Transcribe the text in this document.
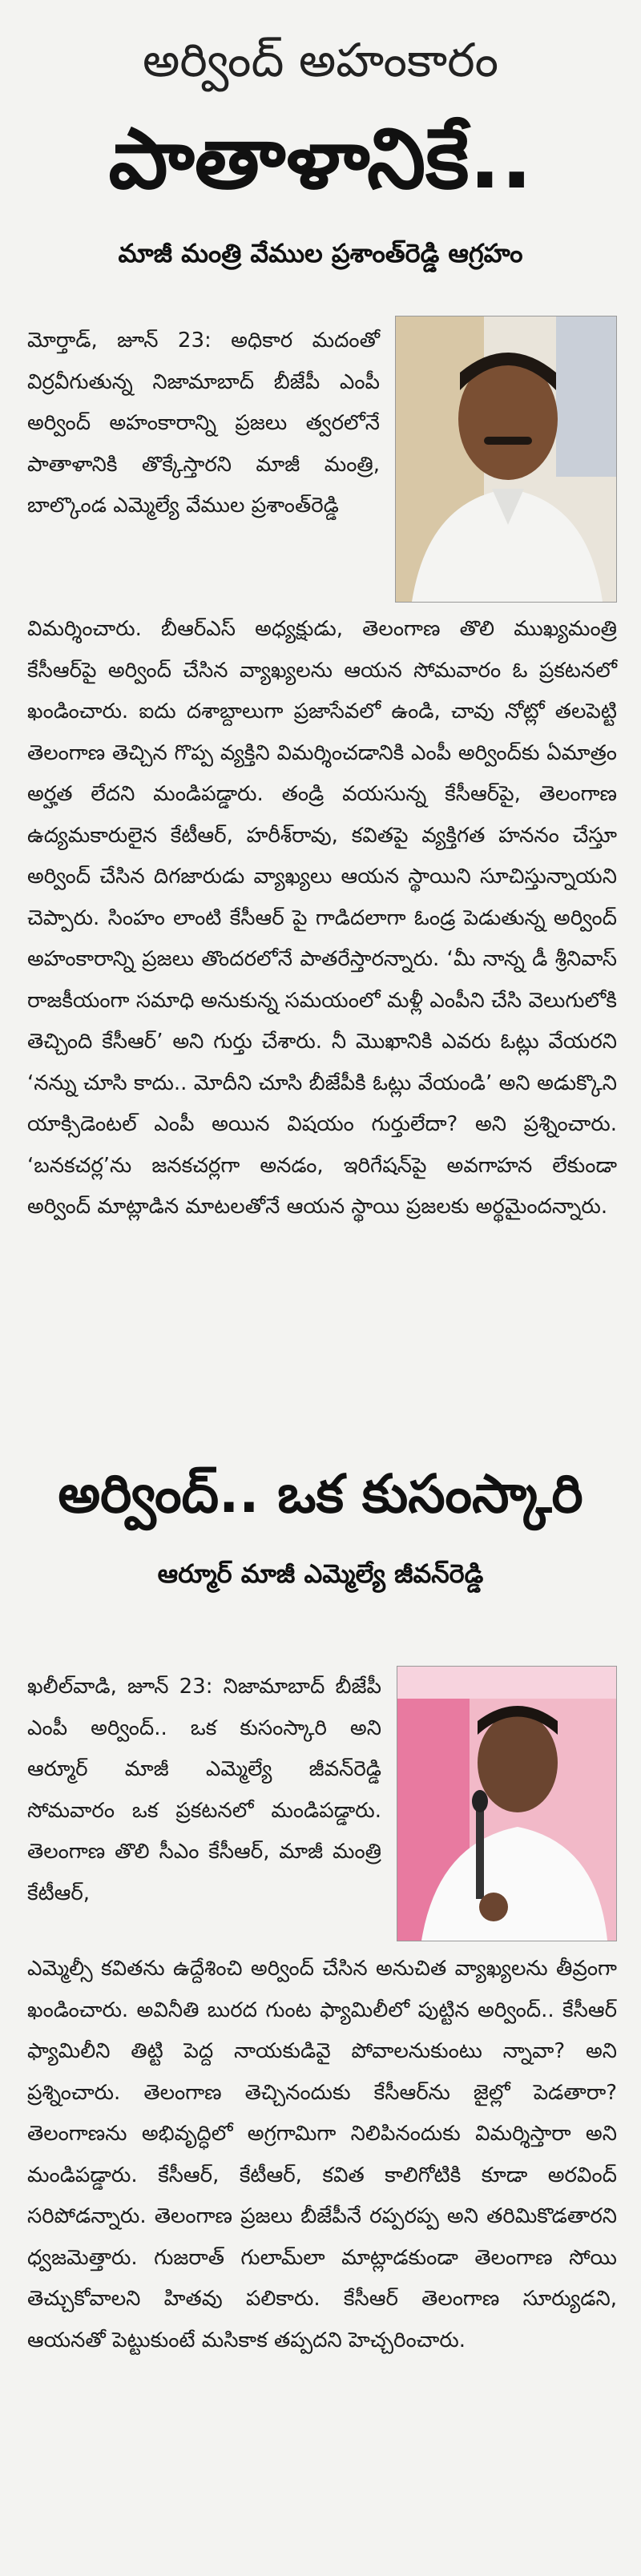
అర్వింద్ అహంకారం
పాతాళానికే..
మాజీ మంత్రి వేముల ప్రశాంత్‌రెడ్డి ఆగ్రహం

మోర్తాడ్, జూన్ 23: అధికార మదంతో విర్రవీగుతున్న నిజామాబాద్ బీజేపీ ఎంపీ అర్వింద్ అహంకారాన్ని ప్రజలు త్వరలోనే పాతాళానికి తొక్కేస్తారని మాజీ మంత్రి, బాల్కొండ ఎమ్మెల్యే వేముల ప్రశాంత్‌రెడ్డి

విమర్శించారు. బీఆర్‌ఎస్ అధ్యక్షుడు, తెలంగాణ తొలి ముఖ్యమంత్రి కేసీఆర్‌పై అర్వింద్ చేసిన వ్యాఖ్యలను ఆయన సోమవారం ఓ ప్రకటనలో ఖండించారు. ఐదు దశాబ్దాలుగా ప్రజాసేవలో ఉండి, చావు నోట్లో తలపెట్టి తెలంగాణ తెచ్చిన గొప్ప వ్యక్తిని విమర్శించడానికి ఎంపీ అర్వింద్‌కు ఏమాత్రం అర్హత లేదని మండిపడ్డారు. తండ్రి వయసున్న కేసీఆర్‌పై, తెలంగాణ ఉద్యమకారులైన కేటీఆర్, హరీశ్‌రావు, కవితపై వ్యక్తిగత హననం చేస్తూ అర్వింద్ చేసిన దిగజారుడు వ్యాఖ్యలు ఆయన స్థాయిని సూచిస్తున్నాయని చెప్పారు. సింహం లాంటి కేసీఆర్ పై గాడిదలాగా ఓండ్ర పెడుతున్న అర్వింద్ అహంకారాన్ని ప్రజలు తొందరలోనే పాతరేస్తారన్నారు. ‘మీ నాన్న డీ శ్రీనివాస్ రాజకీయంగా సమాధి అనుకున్న సమయంలో మళ్లీ ఎంపీని చేసి వెలుగులోకి తెచ్చింది కేసీఆర్’ అని గుర్తు చేశారు. నీ మొఖానికి ఎవరు ఓట్లు వేయరని ‘నన్ను చూసి కాదు.. మోదీని చూసి బీజేపీకి ఓట్లు వేయండి’ అని అడుక్కొని యాక్సిడెంటల్ ఎంపీ అయిన విషయం గుర్తులేదా? అని ప్రశ్నించారు. ‘బనకచర్ల’ను జనకచర్లగా అనడం, ఇరిగేషన్‌పై అవగాహన లేకుండా అర్వింద్ మాట్లాడిన మాటలతోనే ఆయన స్థాయి ప్రజలకు అర్థమైందన్నారు.

అర్వింద్.. ఒక కుసంస్కారి
ఆర్మూర్ మాజీ ఎమ్మెల్యే జీవన్‌రెడ్డి

ఖలీల్‌వాడి, జూన్ 23: నిజామాబాద్ బీజేపీ ఎంపీ అర్వింద్.. ఒక కుసంస్కారి అని ఆర్మూర్ మాజీ ఎమ్మెల్యే జీవన్‌రెడ్డి సోమవారం ఒక ప్రకటనలో మండిపడ్డారు. తెలంగాణ తొలి సీఎం కేసీఆర్, మాజీ మంత్రి కేటీఆర్,

ఎమ్మెల్సీ కవితను ఉద్దేశించి అర్వింద్ చేసిన అనుచిత వ్యాఖ్యలను తీవ్రంగా ఖండించారు. అవినీతి బురద గుంట ఫ్యామిలీలో పుట్టిన అర్వింద్.. కేసీఆర్ ఫ్యామిలీని తిట్టి పెద్ద నాయకుడివై పోవాలనుకుంటు న్నావా? అని ప్రశ్నించారు. తెలంగాణ తెచ్చినందుకు కేసీఆర్‌ను జైల్లో పెడతారా? తెలంగాణను అభివృద్ధిలో అగ్రగామిగా నిలిపినందుకు విమర్శిస్తారా అని మండిపడ్డారు. కేసీఆర్, కేటీఆర్, కవిత కాలిగోటికి కూడా అరవింద్ సరిపోడన్నారు. తెలంగాణ ప్రజలు బీజేపీనే రప్పరప్ప అని తరిమికొడతారని ధ్వజమెత్తారు. గుజరాత్ గులామ్‌లా మాట్లాడకుండా తెలంగాణ సోయి తెచ్చుకోవాలని హితవు పలికారు. కేసీఆర్ తెలంగాణ సూర్యుడని, ఆయనతో పెట్టుకుంటే మసికాక తప్పదని హెచ్చరించారు.
